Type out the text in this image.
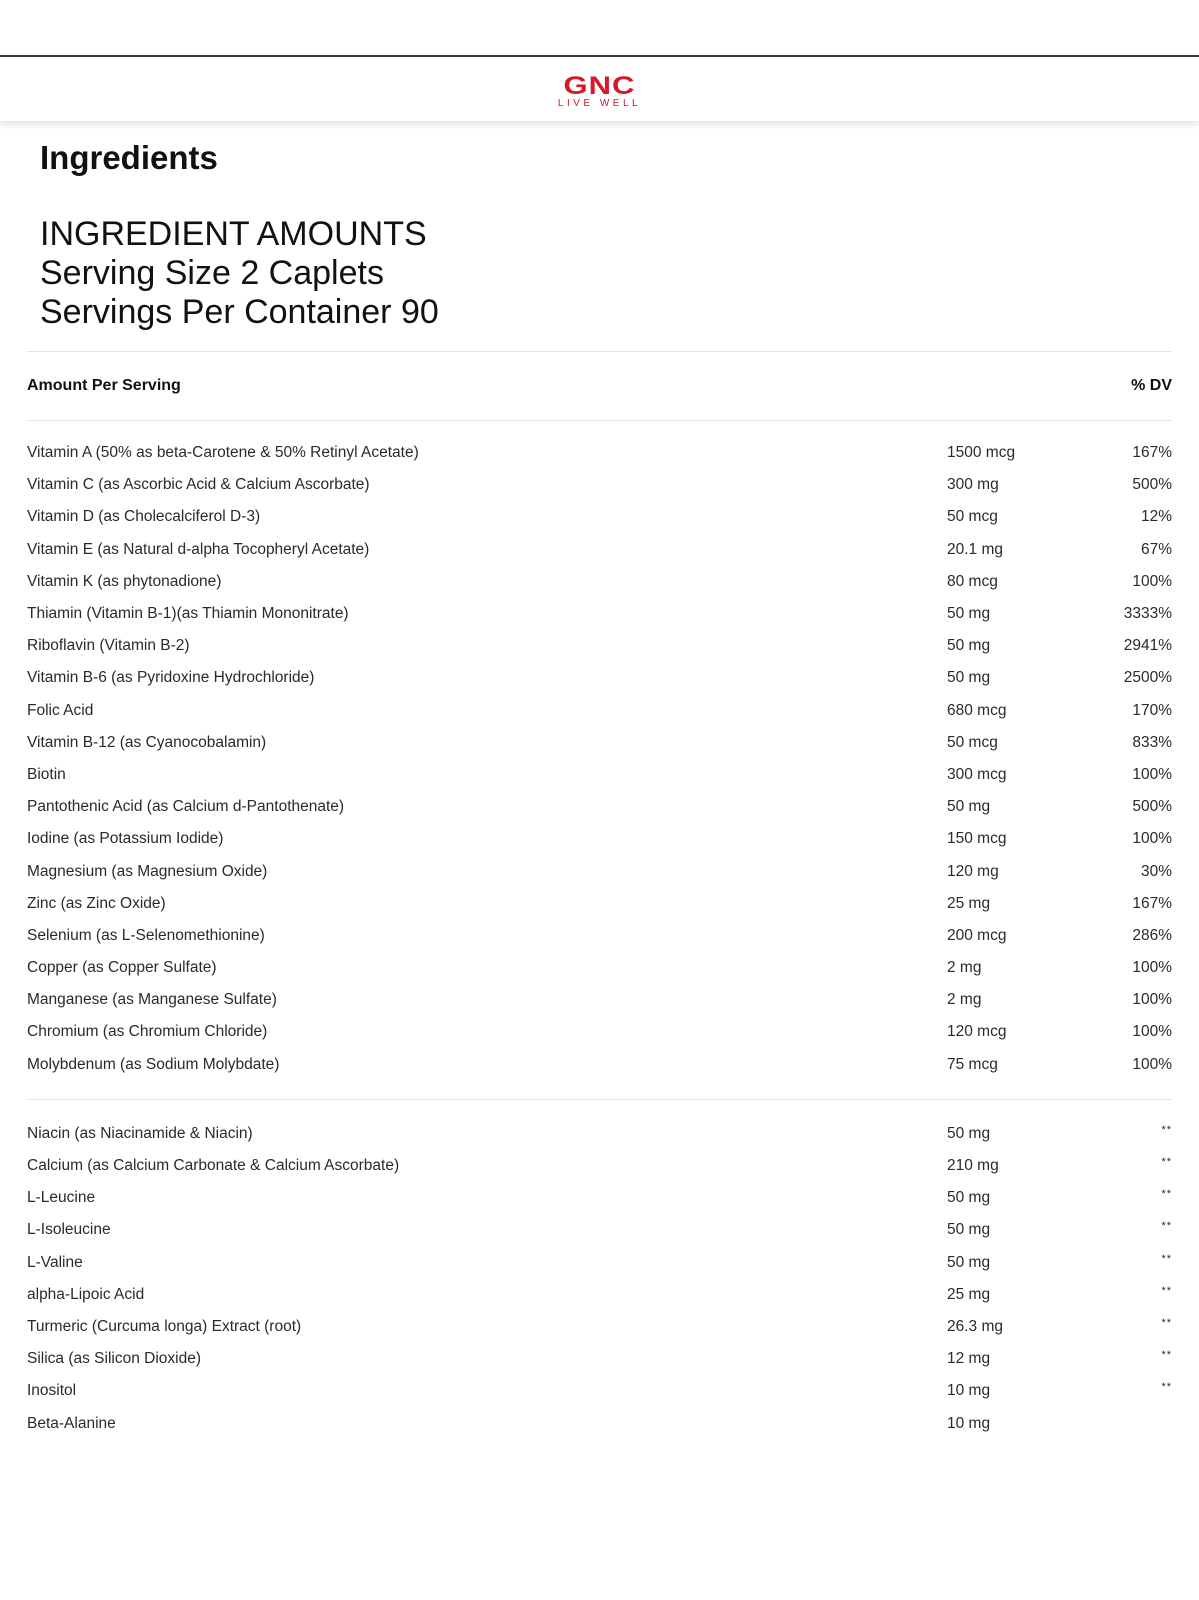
GNC
LIVE WELL
Ingredients
INGREDIENT AMOUNTS
Serving Size 2 Caplets
Servings Per Container 90
Amount Per Serving	% DV
Vitamin A (50% as beta-Carotene & 50% Retinyl Acetate)	1500 mcg	167%
Vitamin C (as Ascorbic Acid & Calcium Ascorbate)	300 mg	500%
Vitamin D (as Cholecalciferol D-3)	50 mcg	12%
Vitamin E (as Natural d-alpha Tocopheryl Acetate)	20.1 mg	67%
Vitamin K (as phytonadione)	80 mcg	100%
Thiamin (Vitamin B-1)(as Thiamin Mononitrate)	50 mg	3333%
Riboflavin (Vitamin B-2)	50 mg	2941%
Vitamin B-6 (as Pyridoxine Hydrochloride)	50 mg	2500%
Folic Acid	680 mcg	170%
Vitamin B-12 (as Cyanocobalamin)	50 mcg	833%
Biotin	300 mcg	100%
Pantothenic Acid (as Calcium d-Pantothenate)	50 mg	500%
Iodine (as Potassium Iodide)	150 mcg	100%
Magnesium (as Magnesium Oxide)	120 mg	30%
Zinc (as Zinc Oxide)	25 mg	167%
Selenium (as L-Selenomethionine)	200 mcg	286%
Copper (as Copper Sulfate)	2 mg	100%
Manganese (as Manganese Sulfate)	2 mg	100%
Chromium (as Chromium Chloride)	120 mcg	100%
Molybdenum (as Sodium Molybdate)	75 mcg	100%
Niacin (as Niacinamide & Niacin)	50 mg	**
Calcium (as Calcium Carbonate & Calcium Ascorbate)	210 mg	**
L-Leucine	50 mg	**
L-Isoleucine	50 mg	**
L-Valine	50 mg	**
alpha-Lipoic Acid	25 mg	**
Turmeric (Curcuma longa) Extract (root)	26.3 mg	**
Silica (as Silicon Dioxide)	12 mg	**
Inositol	10 mg	**
Beta-Alanine	10 mg
